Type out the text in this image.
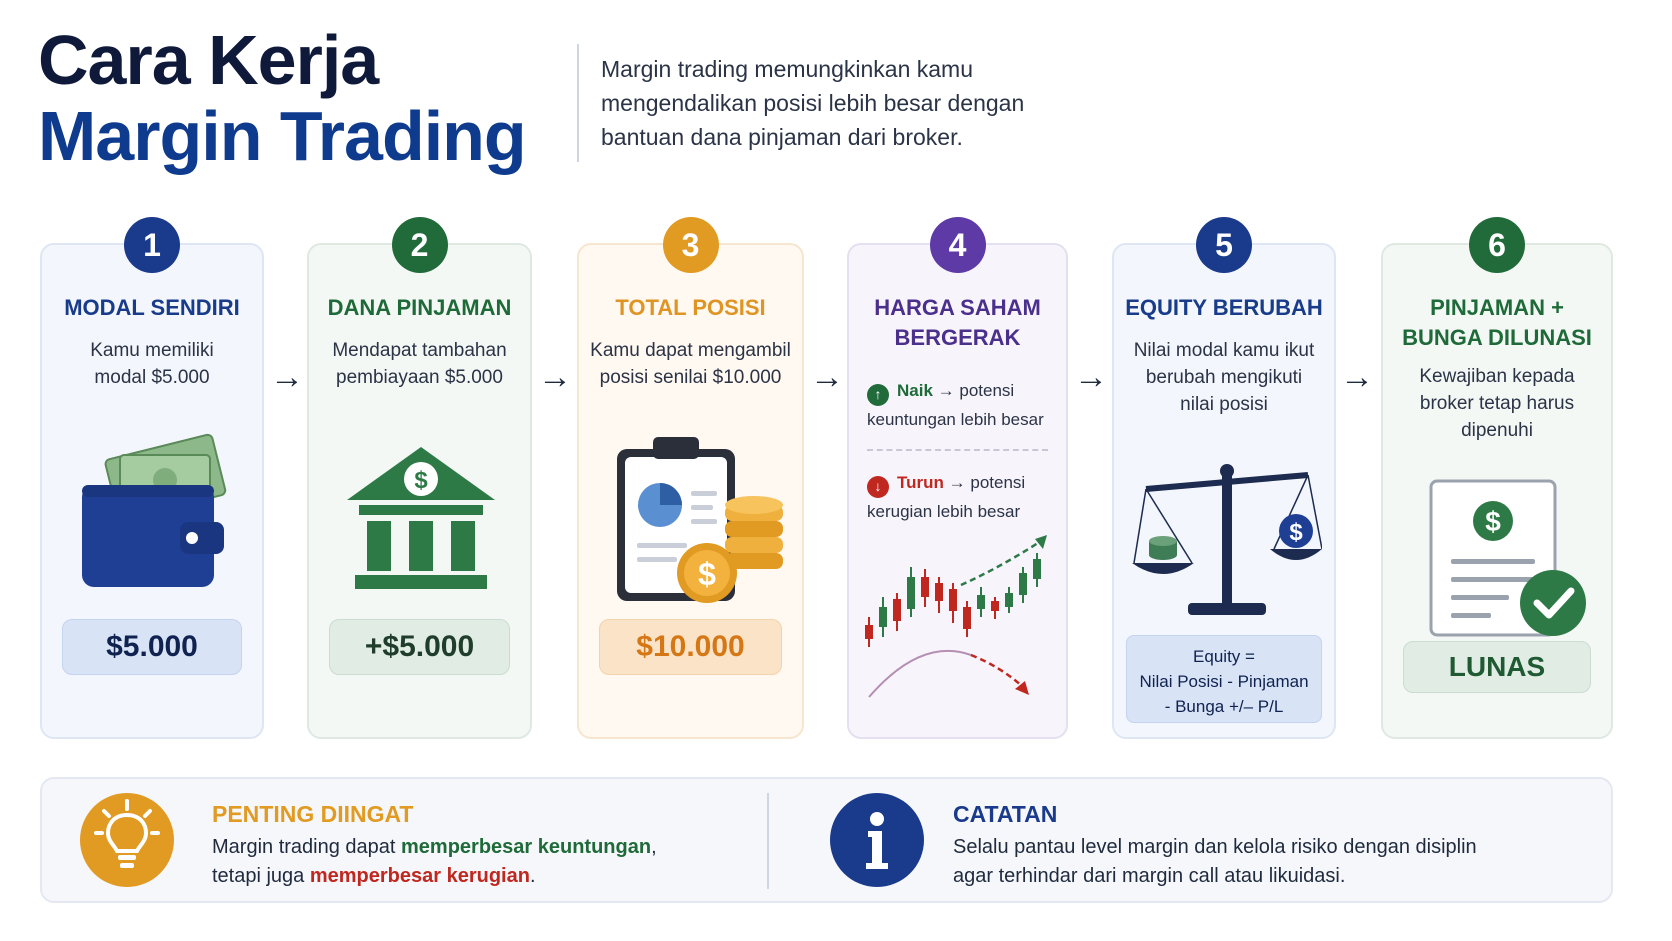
Cara Kerja
Margin Trading
Margin trading memungkinkan kamu mengendalikan posisi lebih besar dengan bantuan dana pinjaman dari broker.
1
MODAL SENDIRI
Kamu memiliki modal $5.000
$5.000
→
2
DANA PINJAMAN
Mendapat tambahan pembiayaan $5.000
$
+$5.000
→
3
TOTAL POSISI
Kamu dapat mengambil posisi senilai $10.000
$
$10.000
→
4
HARGA SAHAM BERGERAK
↑ Naik → potensi keuntungan lebih besar
↓ Turun → potensi kerugian lebih besar
→
5
EQUITY BERUBAH
Nilai modal kamu ikut berubah mengikuti nilai posisi
$
Equity =
Nilai Posisi - Pinjaman
- Bunga +/– P/L
→
6
PINJAMAN + BUNGA DILUNASI
Kewajiban kepada broker tetap harus dipenuhi
$
LUNAS
PENTING DIINGAT
Margin trading dapat memperbesar keuntungan,
tetapi juga memperbesar kerugian.
CATATAN
Selalu pantau level margin dan kelola risiko dengan disiplin
agar terhindar dari margin call atau likuidasi.
